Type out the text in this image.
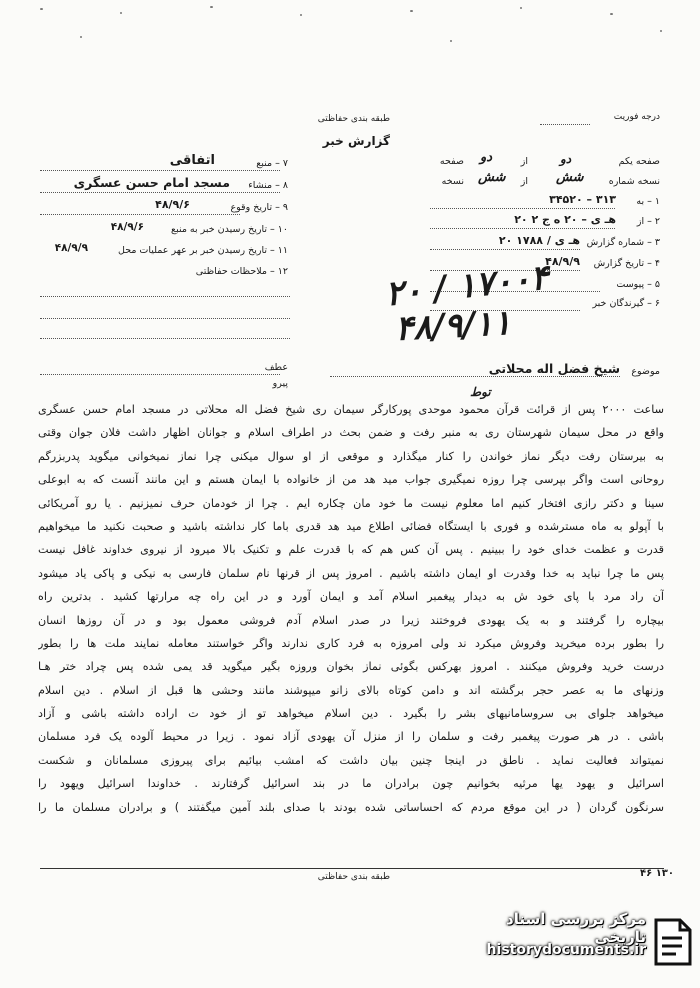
طبقه بندی حفاظتی
گزارش خبر
درجه فوریت
صفحه یکم
دو
از
دو
صفحه
نسخه شماره
شش
از
شش
نسخه
۱ – به
۳۴۵۲۰ – ۳۱۳
۲ – از
۲۰ هـ ی – ۲۰ ه ج ۲
۳ – شماره گزارش
۲۰ هـ ی / ۱۷۸۸
۴ – تاریخ گزارش
۴۸/۹/۹
۵ – پیوست
۶ – گیرندگان خبر
۷ – منبع
اتفاقی
۸ – منشاء
مسجد امام حسن عسگری
۹ – تاریخ وقوع
۴۸/۹/۶
۱۰ – تاریخ رسیدن خبر به منبع
۴۸/۹/۶
۱۱ – تاریخ رسیدن خبر بر عهر عملیات محل
۴۸/۹/۹
۱۲ – ملاحظات حفاظتی	۲۰ / ۱۷۰۰۴
۴۸/۹/۱۱
موضوع
شیخ فضل اله محلاتی
عطف
پیرو
توط

ساعت ۲۰۰۰ پس از قرائت قرآن محمود موحدی پورکارگر سیمان ری شیخ فضل اله محلاتی در مسجد امام حسن عسگری

واقع در محل سیمان شهرستان ری به منبر رفت و ضمن بحث در اطراف اسلام و جوانان اظهار داشت فلان جوان وقتی

به بیرستان رفت دیگر نماز خواندن را کنار میگذارد و موقعی از او سوال میکنی چرا نماز نمیخوانی میگوید پدربزرگم

روحانی است واگر بپرسی چرا روزه نمیگیری جواب مید هد من از خانواده با ایمان هستم و این مانند آنست که به ابوعلی

سینا و دکتر رازی افتخار کنیم اما معلوم نیست ما خود مان چکاره ایم . چرا از خودمان حرف نمیزنیم . یا رو آمریکائی

با آپولو به ماه مسترشده و فوری با ایستگاه فضائی اطلاع مید هد قدری باما کار نداشته باشید و صحبت نکنید ما میخواهیم

قدرت و عظمت خدای خود را ببینیم . پس آن کس هم که با قدرت علم و تکنیک بالا میرود از نیروی خداوند غافل نیست

پس ما چرا نباید به خدا وقدرت او ایمان داشته باشیم . امروز پس از قرنها نام سلمان فارسی به نیکی و پاکی یاد میشود

آن راد مرد با پای خود ش به دیدار پیغمبر اسلام آمد و ایمان آورد و در این راه چه مرارتها کشید . بدترین راه

بیچاره را گرفتند و به یک یهودی فروختند زیرا در صدر اسلام آدم فروشی معمول بود و در آن روزها انسان

را بطور برده میخرید وفروش میکرد ند ولی امروزه به فرد کاری ندارند واگر خواستند معامله نمایند ملت ها را بطور

درست خرید وفروش میکنند . امروز بهرکس بگوئی نماز بخوان وروزه بگیر میگوید قد یمی شده پس چراد ختر هـا

وزنهای ما به عصر حجر برگشته اند و دامن کوتاه بالای زانو میپوشند مانند وحشی ها قبل از اسلام . دین اسلام

میخواهد جلوای بی سروسامانیهای بشر را بگیرد . دین اسلام میخواهد تو از خود ت اراده داشته باشی و آزاد

باشی . در هر صورت پیغمبر رفت و سلمان را از منزل آن یهودی آزاد نمود . زیرا در محیط آلوده یک فرد مسلمان

نمیتواند فعالیت نماید . ناطق در اینجا چنین بیان داشت که امشب بیائیم برای پیروزی مسلمانان و شکست

اسرائیل و یهود یها مرثیه بخوانیم چون برادران ما در بند اسرائیل گرفتارند . خداوندا اسرائیل ویهود را

سرنگون گردان ( در این موقع مردم که احساساتی شده بودند با صدای بلند آمین میگفتند ) و برادران مسلمان ما را

طبقه بندی حفاظتی	۴۶ ۱۳۰
مرکز بررسی اسناد تاریخی
historydocuments.ir
